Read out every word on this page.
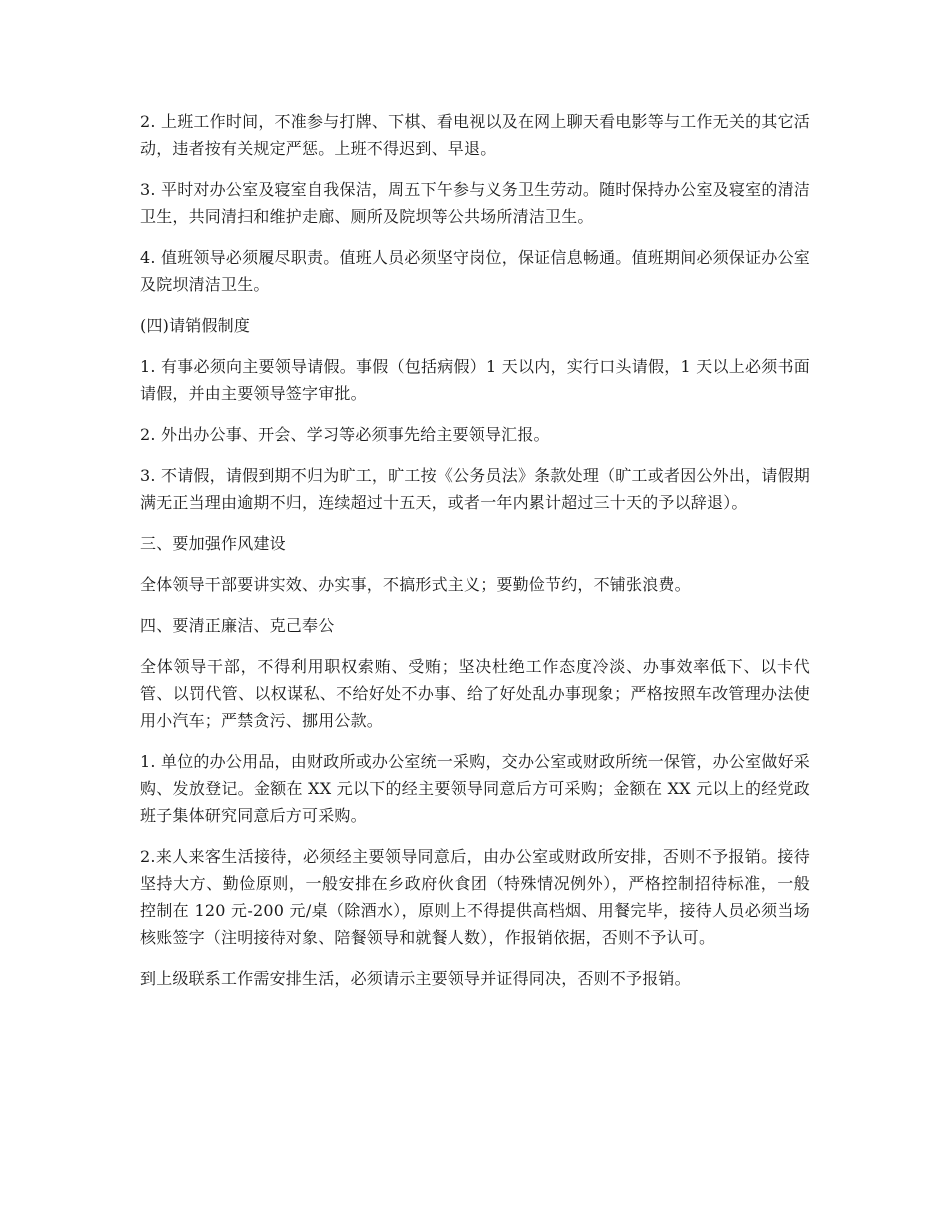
2. 上班工作时间，不准参与打牌、下棋、看电视以及在网上聊天看电影等与工作无关的其它活动，违者按有关规定严惩。上班不得迟到、早退。

3. 平时对办公室及寝室自我保洁，周五下午参与义务卫生劳动。随时保持办公室及寝室的清洁卫生，共同清扫和维护走廊、厕所及院坝等公共场所清洁卫生。

4. 值班领导必须履尽职责。值班人员必须坚守岗位，保证信息畅通。值班期间必须保证办公室及院坝清洁卫生。

(四)请销假制度

1. 有事必须向主要领导请假。事假（包括病假）1 天以内，实行口头请假，1 天以上必须书面请假，并由主要领导签字审批。

2. 外出办公事、开会、学习等必须事先给主要领导汇报。

3. 不请假，请假到期不归为旷工，旷工按《公务员法》条款处理（旷工或者因公外出，请假期满无正当理由逾期不归，连续超过十五天，或者一年内累计超过三十天的予以辞退）。

三、要加强作风建设

全体领导干部要讲实效、办实事，不搞形式主义；要勤俭节约，不铺张浪费。

四、要清正廉洁、克己奉公

全体领导干部，不得利用职权索贿、受贿；坚决杜绝工作态度冷淡、办事效率低下、以卡代管、以罚代管、以权谋私、不给好处不办事、给了好处乱办事现象；严格按照车改管理办法使用小汽车；严禁贪污、挪用公款。

1. 单位的办公用品，由财政所或办公室统一采购，交办公室或财政所统一保管，办公室做好采购、发放登记。金额在 XX 元以下的经主要领导同意后方可采购；金额在 XX 元以上的经党政班子集体研究同意后方可采购。

2.来人来客生活接待，必须经主要领导同意后，由办公室或财政所安排，否则不予报销。接待坚持大方、勤俭原则，一般安排在乡政府伙食团（特殊情况例外），严格控制招待标准，一般控制在 120 元-200 元/桌（除酒水），原则上不得提供高档烟、用餐完毕，接待人员必须当场核账签字（注明接待对象、陪餐领导和就餐人数），作报销依据，否则不予认可。

到上级联系工作需安排生活，必须请示主要领导并证得同决，否则不予报销。
